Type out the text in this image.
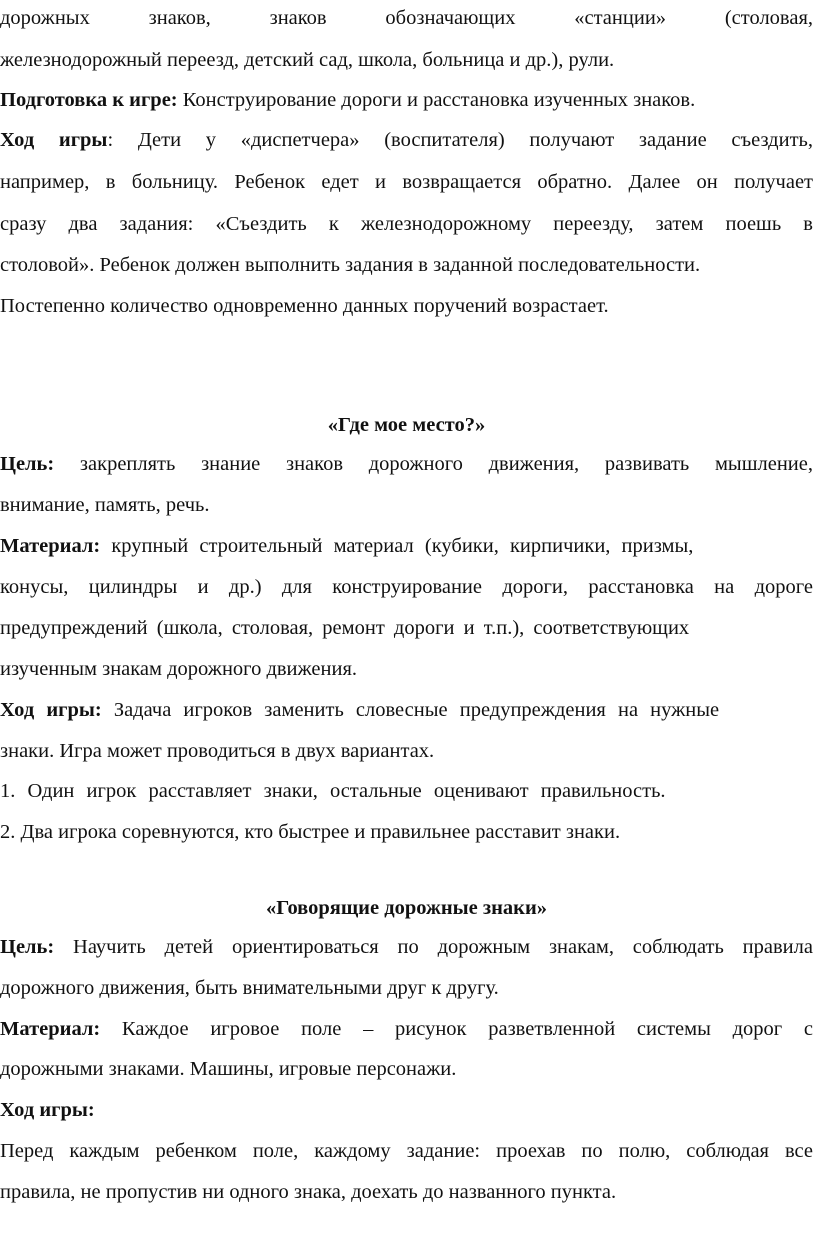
дорожных знаков, знаков обозначающих «станции» (столовая,

железнодорожный переезд, детский сад, школа, больница и др.), рули.

Подготовка к игре: Конструирование дороги и расстановка изученных знаков.

Ход игры: Дети у «диспетчера» (воспитателя) получают задание съездить,

например, в больницу. Ребенок едет и возвращается обратно. Далее он получает

сразу два задания: «Съездить к железнодорожному переезду, затем поешь в

столовой». Ребенок должен выполнить задания в заданной последовательности.

Постепенно количество одновременно данных поручений возрастает.

«Где мое место?»

Цель: закреплять знание знаков дорожного движения, развивать мышление,

внимание, память, речь.

Материал: крупный строительный материал (кубики, кирпичики, призмы,

конусы, цилиндры и др.) для конструирование дороги, расстановка на дороге

предупреждений (школа, столовая, ремонт дороги и т.п.), соответствующих

изученным знакам дорожного движения.

Ход игры: Задача игроков заменить словесные предупреждения на нужные

знаки. Игра может проводиться в двух вариантах.

1. Один игрок расставляет знаки, остальные оценивают правильность.

2. Два игрока соревнуются, кто быстрее и правильнее расставит знаки.

«Говорящие дорожные знаки»

Цель: Научить детей ориентироваться по дорожным знакам, соблюдать правила

дорожного движения, быть внимательными друг к другу.

Материал: Каждое игровое поле – рисунок разветвленной системы дорог с

дорожными знаками. Машины, игровые персонажи.

Ход игры:

Перед каждым ребенком поле, каждому задание: проехав по полю, соблюдая все

правила, не пропустив ни одного знака, доехать до названного пункта.
